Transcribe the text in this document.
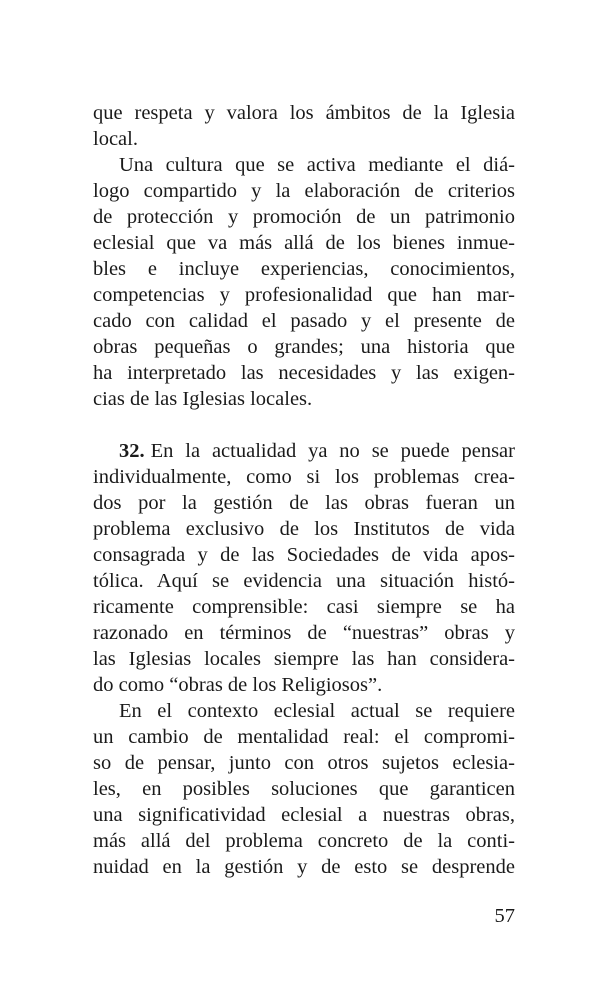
que respeta y valora los ámbitos de la Iglesia
local.
Una cultura que se activa mediante el diá-
logo compartido y la elaboración de criterios
de protección y promoción de un patrimonio
eclesial que va más allá de los bienes inmue-
bles e incluye experiencias, conocimientos,
competencias y profesionalidad que han mar-
cado con calidad el pasado y el presente de
obras pequeñas o grandes; una historia que
ha interpretado las necesidades y las exigen-
cias de las Iglesias locales.
32. En la actualidad ya no se puede pensar
individualmente, como si los problemas crea-
dos por la gestión de las obras fueran un
problema exclusivo de los Institutos de vida
consagrada y de las Sociedades de vida apos-
tólica. Aquí se evidencia una situación histó-
ricamente comprensible: casi siempre se ha
razonado en términos de “nuestras” obras y
las Iglesias locales siempre las han considera-
do como “obras de los Religiosos”.
En el contexto eclesial actual se requiere
un cambio de mentalidad real: el compromi-
so de pensar, junto con otros sujetos eclesia-
les, en posibles soluciones que garanticen
una significatividad eclesial a nuestras obras,
más allá del problema concreto de la conti-
nuidad en la gestión y de esto se desprende
57
